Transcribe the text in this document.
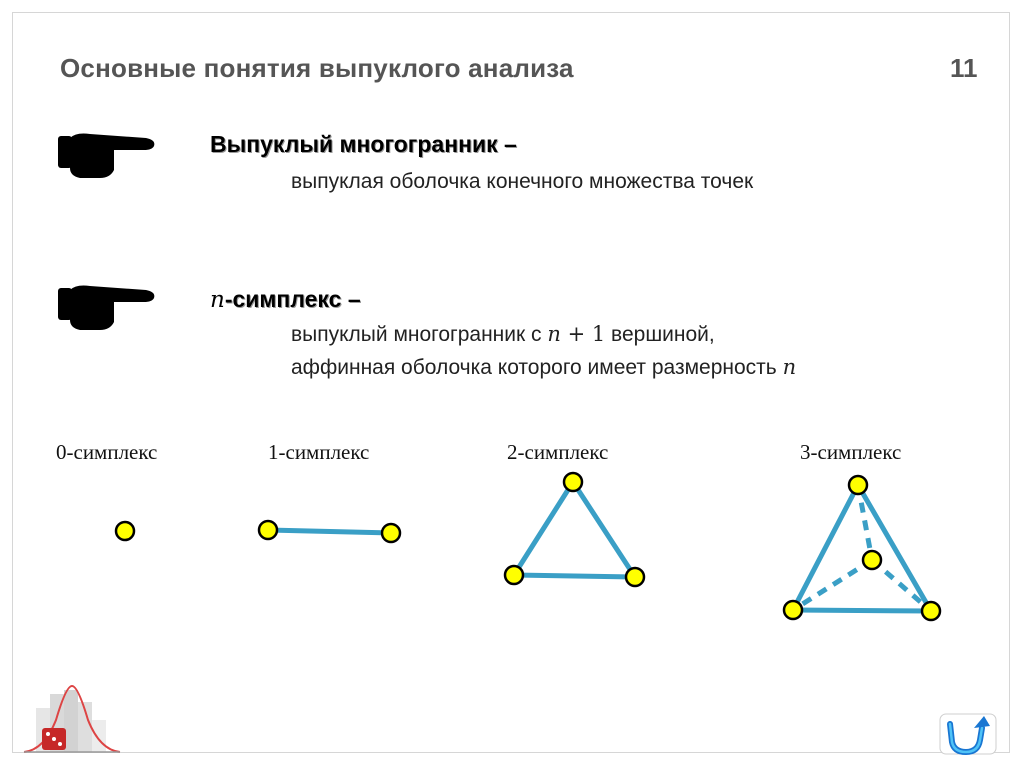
Основные понятия выпуклого анализа	11
Выпуклый многогранник –
выпуклая оболочка конечного множества точек
n-симплекс –
выпуклый многогранник с n + 1 вершиной,
аффинная оболочка которого имеет размерность n
0-симплекс	1-симплекс	2-симплекс	3-симплекс
